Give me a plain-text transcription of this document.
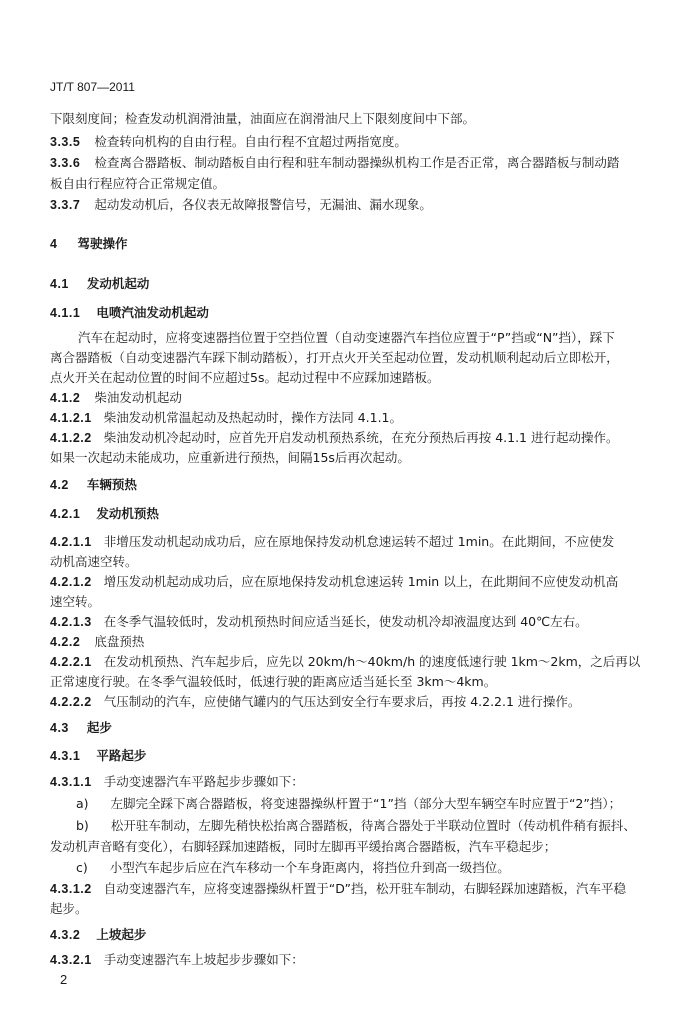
JT/T 807—2011
下限刻度间；检查发动机润滑油量，油面应在润滑油尺上下限刻度间中下部。
3.3.5 检查转向机构的自由行程。自由行程不宜超过两指宽度。
3.3.6 检查离合器踏板、制动踏板自由行程和驻车制动器操纵机构工作是否正常，离合器踏板与制动踏
板自由行程应符合正常规定值。
3.3.7 起动发动机后，各仪表无故障报警信号，无漏油、漏水现象。
4 驾驶操作
4.1 发动机起动
4.1.1 电喷汽油发动机起动
汽车在起动时，应将变速器挡位置于空挡位置（自动变速器汽车挡位应置于“P”挡或“N”挡），踩下
离合器踏板（自动变速器汽车踩下制动踏板），打开点火开关至起动位置，发动机顺利起动后立即松开，
点火开关在起动位置的时间不应超过5s。起动过程中不应踩加速踏板。
4.1.2 柴油发动机起动
4.1.2.1 柴油发动机常温起动及热起动时，操作方法同 4.1.1。
4.1.2.2 柴油发动机冷起动时，应首先开启发动机预热系统，在充分预热后再按 4.1.1 进行起动操作。
如果一次起动未能成功，应重新进行预热，间隔15s后再次起动。
4.2 车辆预热
4.2.1 发动机预热
4.2.1.1 非增压发动机起动成功后，应在原地保持发动机怠速运转不超过 1min。在此期间，不应使发
动机高速空转。
4.2.1.2 增压发动机起动成功后，应在原地保持发动机怠速运转 1min 以上，在此期间不应使发动机高
速空转。
4.2.1.3 在冬季气温较低时，发动机预热时间应适当延长，使发动机冷却液温度达到 40℃左右。
4.2.2 底盘预热
4.2.2.1 在发动机预热、汽车起步后，应先以 20km/h～40km/h 的速度低速行驶 1km～2km，之后再以
正常速度行驶。在冬季气温较低时，低速行驶的距离应适当延长至 3km～4km。
4.2.2.2 气压制动的汽车，应使储气罐内的气压达到安全行车要求后，再按 4.2.2.1 进行操作。
4.3 起步
4.3.1 平路起步
4.3.1.1 手动变速器汽车平路起步步骤如下：
a) 左脚完全踩下离合器踏板，将变速器操纵杆置于“1”挡（部分大型车辆空车时应置于“2”挡）；
b) 松开驻车制动，左脚先稍快松抬离合器踏板，待离合器处于半联动位置时（传动机件稍有振抖、
发动机声音略有变化），右脚轻踩加速踏板，同时左脚再平缓抬离合器踏板，汽车平稳起步；
c) 小型汽车起步后应在汽车移动一个车身距离内，将挡位升到高一级挡位。
4.3.1.2 自动变速器汽车，应将变速器操纵杆置于“D”挡，松开驻车制动，右脚轻踩加速踏板，汽车平稳
起步。
4.3.2 上坡起步
4.3.2.1 手动变速器汽车上坡起步步骤如下：
2
